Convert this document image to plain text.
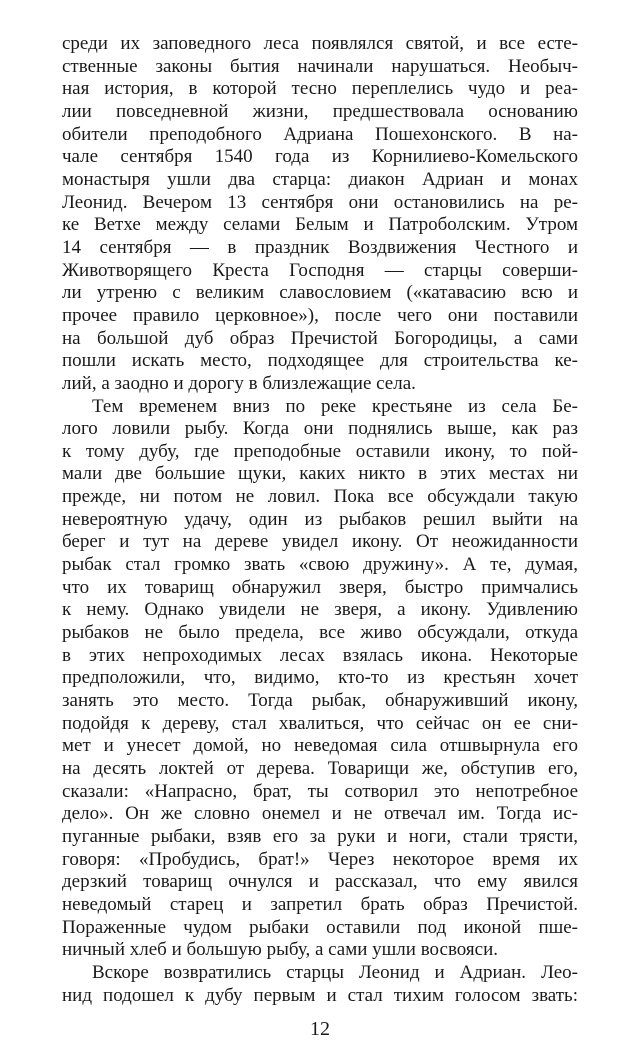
среди их заповедного леса появлялся святой, и все есте-
ственные законы бытия начинали нарушаться. Необыч-
ная история, в которой тесно переплелись чудо и реа-
лии повседневной жизни, предшествовала основанию
обители преподобного Адриана Пошехонского. В на-
чале сентября 1540 года из Корнилиево-Комельского
монастыря ушли два старца: диакон Адриан и монах
Леонид. Вечером 13 сентября они остановились на ре-
ке Ветхе между селами Белым и Патроболским. Утром
14 сентября — в праздник Воздвижения Честного и
Животворящего Креста Господня — старцы соверши-
ли утреню с великим славословием («катавасию всю и
прочее правило церковное»), после чего они поставили
на большой дуб образ Пречистой Богородицы, а сами
пошли искать место, подходящее для строительства ке-
лий, а заодно и дорогу в близлежащие села.
Тем временем вниз по реке крестьяне из села Бе-
лого ловили рыбу. Когда они поднялись выше, как раз
к тому дубу, где преподобные оставили икону, то пой-
мали две большие щуки, каких никто в этих местах ни
прежде, ни потом не ловил. Пока все обсуждали такую
невероятную удачу, один из рыбаков решил выйти на
берег и тут на дереве увидел икону. От неожиданности
рыбак стал громко звать «свою дружину». А те, думая,
что их товарищ обнаружил зверя, быстро примчались
к нему. Однако увидели не зверя, а икону. Удивлению
рыбаков не было предела, все живо обсуждали, откуда
в этих непроходимых лесах взялась икона. Некоторые
предположили, что, видимо, кто-то из крестьян хочет
занять это место. Тогда рыбак, обнаруживший икону,
подойдя к дереву, стал хвалиться, что сейчас он ее сни-
мет и унесет домой, но неведомая сила отшвырнула его
на десять локтей от дерева. Товарищи же, обступив его,
сказали: «Напрасно, брат, ты сотворил это непотребное
дело». Он же словно онемел и не отвечал им. Тогда ис-
пуганные рыбаки, взяв его за руки и ноги, стали трясти,
говоря: «Пробудись, брат!» Через некоторое время их
дерзкий товарищ очнулся и рассказал, что ему явился
неведомый старец и запретил брать образ Пречистой.
Пораженные чудом рыбаки оставили под иконой пше-
ничный хлеб и большую рыбу, а сами ушли восвояси.
Вскоре возвратились старцы Леонид и Адриан. Лео-
нид подошел к дубу первым и стал тихим голосом звать:
12
